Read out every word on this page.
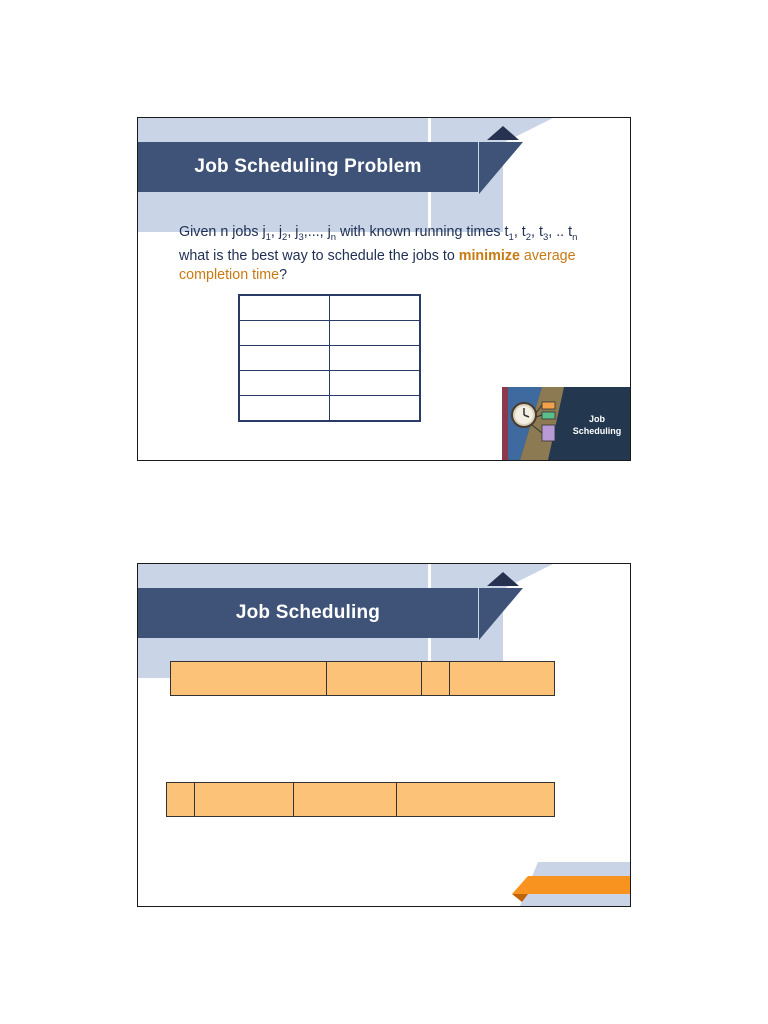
Job Scheduling Problem
Given n jobs $j_1$, $j_2$, $j_3$,..., $j_n$ with known running times $t_1$, $t_2$, $t_3$, .. $t_n$ what is the best way to schedule the jobs to minimize average completion time?

Job
Scheduling
Job Scheduling
